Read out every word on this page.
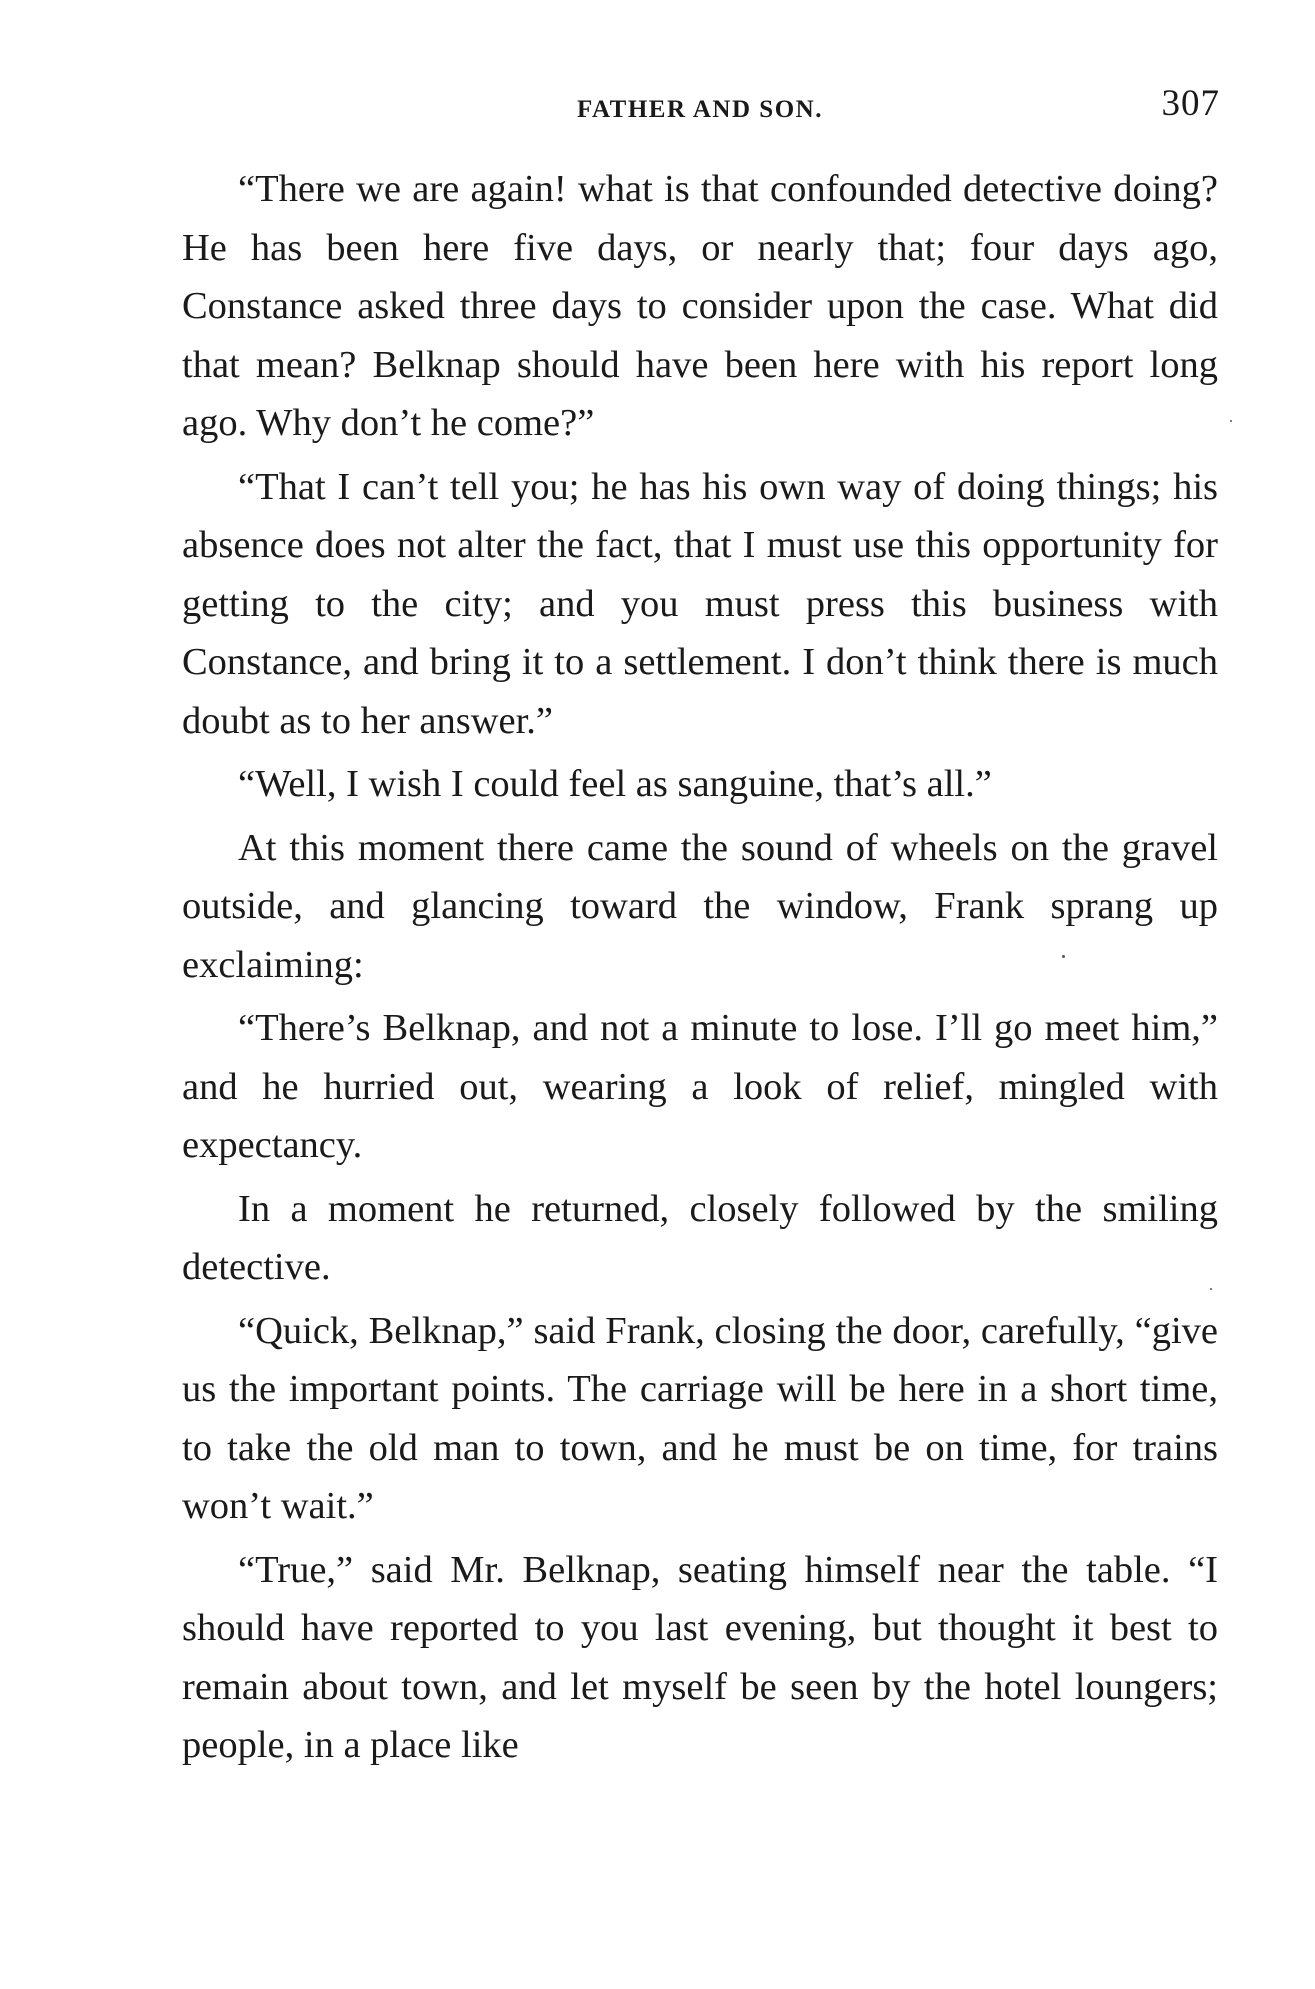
FATHER AND SON.	307

“There we are again! what is that confounded detective doing? He has been here five days, or nearly that; four days ago, Constance asked three days to consider upon the case. What did that mean? Belknap should have been here with his report long ago. Why don’t he come?”

“That I can’t tell you; he has his own way of doing things; his absence does not alter the fact, that I must use this opportunity for getting to the city; and you must press this business with Constance, and bring it to a settlement. I don’t think there is much doubt as to her answer.”

“Well, I wish I could feel as sanguine, that’s all.”

At this moment there came the sound of wheels on the gravel outside, and glancing toward the window, Frank sprang up exclaiming:

“There’s Belknap, and not a minute to lose. I’ll go meet him,” and he hurried out, wearing a look of relief, mingled with expectancy.

In a moment he returned, closely followed by the smiling detective.

“Quick, Belknap,” said Frank, closing the door, carefully, “give us the important points. The carriage will be here in a short time, to take the old man to town, and he must be on time, for trains won’t wait.”

“True,” said Mr. Belknap, seating himself near the table. “I should have reported to you last evening, but thought it best to remain about town, and let myself be seen by the hotel loungers; people, in a place like
